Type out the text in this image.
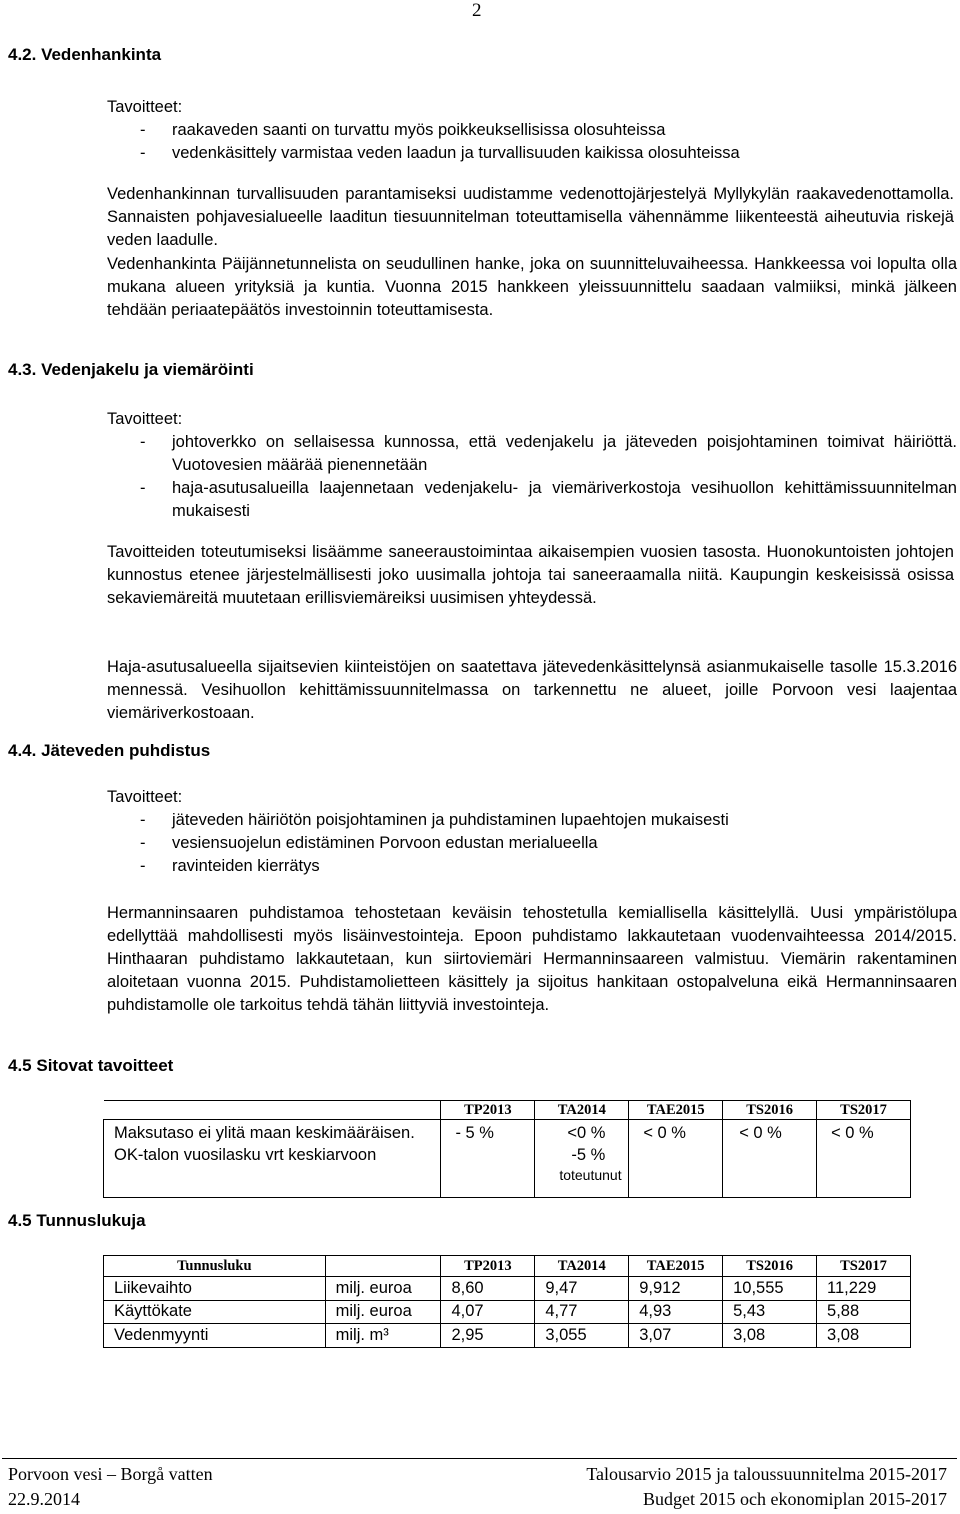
2
4.2. Vedenhankinta
Tavoitteet:
- raakaveden saanti on turvattu myös poikkeuksellisissa olosuhteissa
- vedenkäsittely varmistaa veden laadun ja turvallisuuden kaikissa olosuhteissa

Vedenhankinnan turvallisuuden parantamiseksi uudistamme vedenottojärjestelyä Myllykylän raakavedenottamolla. Sannaisten pohjavesialueelle laaditun tiesuunnitelman toteuttamisella vähennämme liikenteestä aiheutuvia riskejä veden laadulle.

Vedenhankinta Päijännetunnelista on seudullinen hanke, joka on suunnitteluvaiheessa. Hankkeessa voi lopulta olla mukana alueen yrityksiä ja kuntia. Vuonna 2015 hankkeen yleissuunnittelu saadaan valmiiksi, minkä jälkeen tehdään periaatepäätös investoinnin toteuttamisesta.

4.3. Vedenjakelu ja viemäröinti
Tavoitteet:
- johtoverkko on sellaisessa kunnossa, että vedenjakelu ja jäteveden poisjohtaminen toimivat häiriöttä. Vuotovesien määrää pienennetään
- haja-asutusalueilla laajennetaan vedenjakelu- ja viemäriverkostoja vesihuollon kehittämissuunnitelman mukaisesti

Tavoitteiden toteutumiseksi lisäämme saneeraustoimintaa aikaisempien vuosien tasosta. Huonokuntoisten johtojen kunnostus etenee järjestelmällisesti joko uusimalla johtoja tai saneeraamalla niitä. Kaupungin keskeisissä osissa sekaviemäreitä muutetaan erillisviemäreiksi uusimisen yhteydessä.

Haja-asutusalueella sijaitsevien kiinteistöjen on saatettava jätevedenkäsittelynsä asianmukaiselle tasolle 15.3.2016 mennessä. Vesihuollon kehittämissuunnitelmassa on tarkennettu ne alueet, joille Porvoon vesi laajentaa viemäriverkostoaan.

4.4. Jäteveden puhdistus
Tavoitteet:
- jäteveden häiriötön poisjohtaminen ja puhdistaminen lupaehtojen mukaisesti
- vesiensuojelun edistäminen Porvoon edustan merialueella
- ravinteiden kierrätys

Hermanninsaaren puhdistamoa tehostetaan keväisin tehostetulla kemiallisella käsittelyllä. Uusi ympäristölupa edellyttää mahdollisesti myös lisäinvestointeja. Epoon puhdistamo lakkautetaan vuodenvaihteessa 2014/2015. Hinthaaran puhdistamo lakkautetaan, kun siirtoviemäri Hermanninsaareen valmistuu. Viemärin rakentaminen aloitetaan vuonna 2015. Puhdistamolietteen käsittely ja sijoitus hankitaan ostopalveluna eikä Hermanninsaaren puhdistamolle ole tarkoitus tehdä tähän liittyviä investointeja.

4.5 Sitovat tavoitteet
	TP2013	TA2014	TAE2015	TS2016	TS2017
Maksutaso ei ylitä maan keskimääräisen. OK-talon vuosilasku vrt keskiarvoon	- 5 %	<0 %
-5 %
toteutunut	< 0 %	< 0 %	< 0 %
4.5 Tunnuslukuja
Tunnusluku		TP2013	TA2014	TAE2015	TS2016	TS2017
Liikevaihto	milj. euroa	8,60	9,47	9,912	10,555	11,229
Käyttökate	milj. euroa	4,07	4,77	4,93	5,43	5,88
Vedenmyynti	milj. m³	2,95	3,055	3,07	3,08	3,08
Porvoon vesi – Borgå vatten
22.9.2014
Talousarvio 2015 ja taloussuunnitelma 2015-2017
Budget 2015 och ekonomiplan 2015-2017
